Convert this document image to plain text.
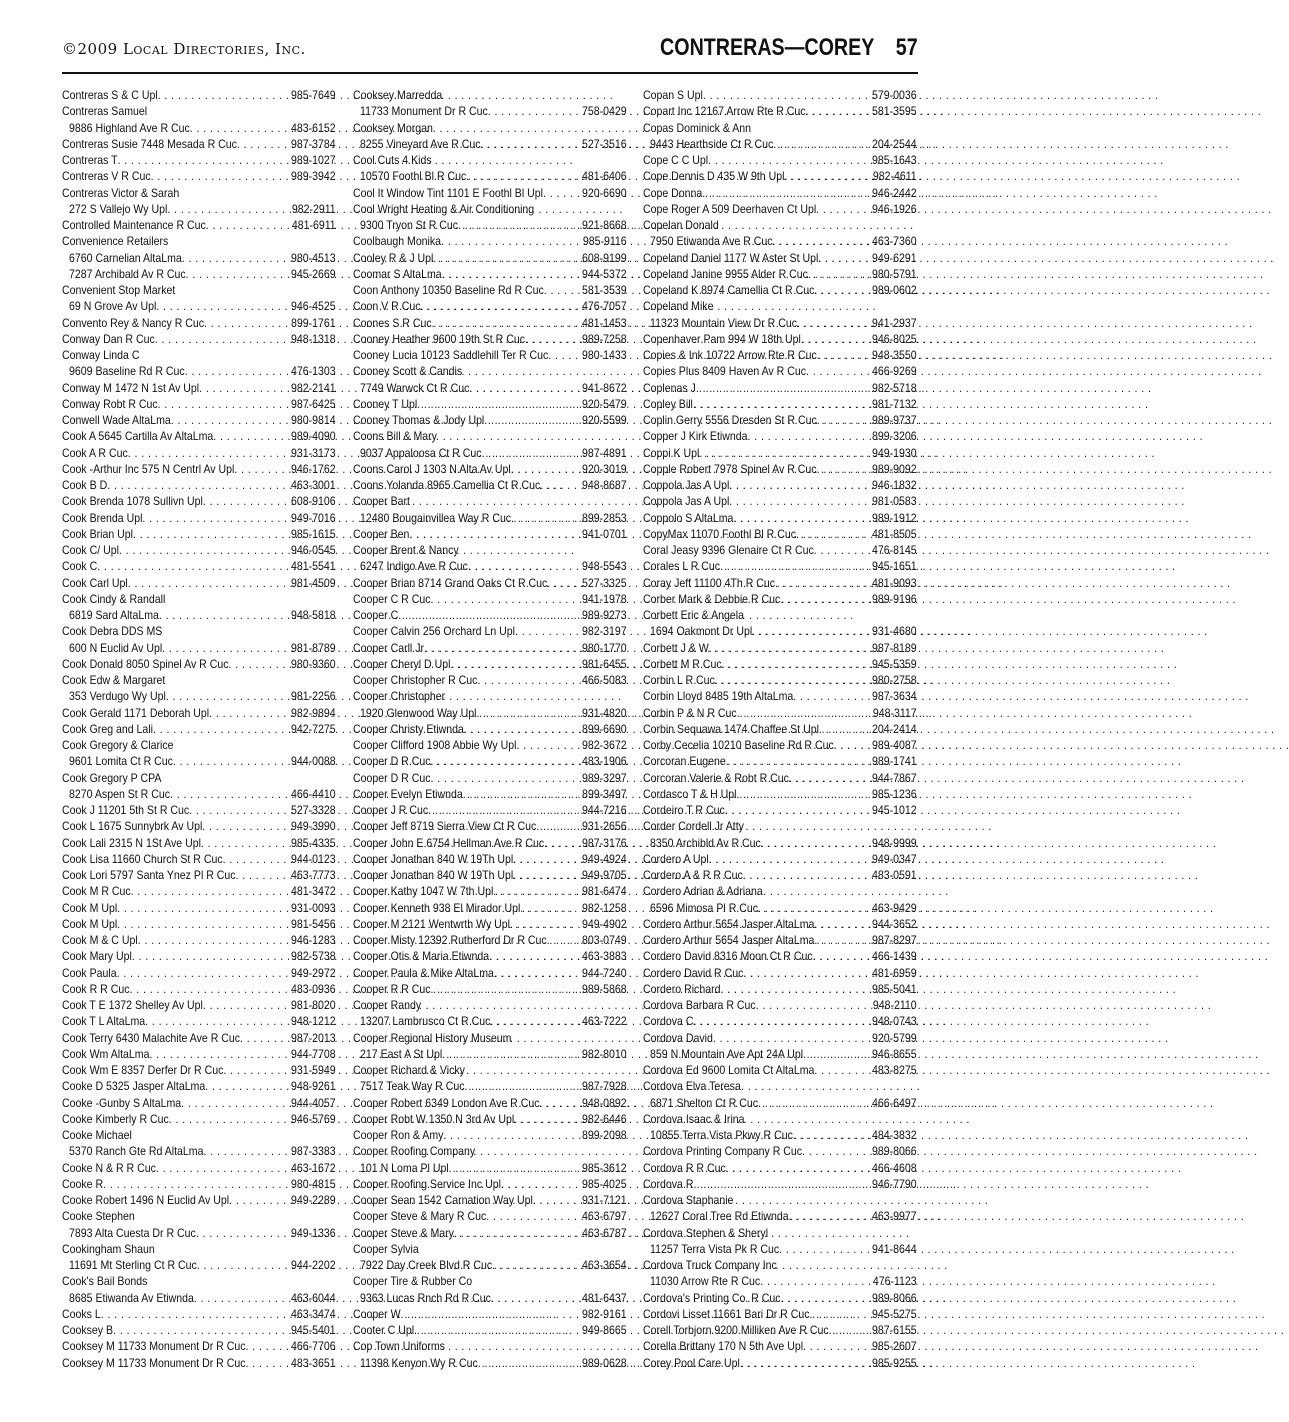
©2009 Local Directories, Inc.	CONTRERAS—COREY 57
Contreras S & C Upl . . .	985-7649
Contreras Samuel
9886 Highland Ave R Cuc . . .	483-6152
Contreras Susie 7448 Mesada R Cuc . . .	987-3784
Contreras T . . .	989-1027
Contreras V R Cuc . . .	989-3942
Contreras Victor & Sarah
272 S Vallejo Wy Upl . . .	982-2911
Controlled Maintenance R Cuc . . .	481-6911
Convenience Retailers
6760 Carnelian AltaLma . . .	980-4513
7287 Archibald Av R Cuc . . .	945-2669
Convenient Stop Market
69 N Grove Av Upl . . .	946-4525
Convento Rey & Nancy R Cuc . . .	899-1761
Conway Dan R Cuc . . .	948-1318
Conway Linda C
9609 Baseline Rd R Cuc . . .	476-1303
Conway M 1472 N 1st Av Upl . . .	982-2141
Conway Robt R Cuc . . .	987-6425
Conwell Wade AltaLma . . .	980-9814
Cook A 5645 Cartilla Av AltaLma . . .	989-4090
Cook A R Cuc . . .	931-3173
Cook -Arthur Inc 575 N Centrl Av Upl . . .	946-1762
Cook B D . . .	463-3001
Cook Brenda 1078 Sullivn Upl . . .	608-9106
Cook Brenda Upl . . .	949-7016
Cook Brian Upl . . .	985-1615
Cook C/ Upl . . .	946-0545
Cook C . . .	481-5541
Cook Carl Upl . . .	981-4509
Cook Cindy & Randall
6819 Sard AltaLma . . .	948-5818
Cook Debra DDS MS
600 N Euclid Av Upl . . .	981-8789
Cook Donald 8050 Spinel Av R Cuc . . .	980-9360
Cook Edw & Margaret
353 Verdugo Wy Upl . . .	981-2256
Cook Gerald 1171 Deborah Upl . . .	982-9894
Cook Greg and Lali . . .	942-7275
Cook Gregory & Clarice
9601 Lomita Ct R Cuc . . .	944-0088
Cook Gregory P CPA
8270 Aspen St R Cuc . . .	466-4410
Cook J 11201 5th St R Cuc . . .	527-3328
Cook L 1675 Sunnybrk Av Upl . . .	949-3990
Cook Lali 2315 N 1St Ave Upl . . .	985-4335
Cook Lisa 11660 Church St R Cuc . . .	944-0123
Cook Lori 5797 Santa Ynez Pl R Cuc . . .	463-7773
Cook M R Cuc . . .	481-3472
Cook M Upl . . .	931-0093
Cook M Upl . . .	981-5456
Cook M & C Upl . . .	946-1283
Cook Mary Upl . . .	982-5738
Cook Paula . . .	949-2972
Cook R R Cuc . . .	483-0936
Cook T E 1372 Shelley Av Upl . . .	981-8020
Cook T L AltaLma . . .	948-1212
Cook Terry 6430 Malachite Ave R Cuc . . .	987-2013
Cook Wm AltaLma . . .	944-7708
Cook Wm E 8357 Derfer Dr R Cuc . . .	931-5949
Cooke D 5325 Jasper AltaLma . . .	948-9261
Cooke -Gunby S AltaLma . . .	944-4057
Cooke Kimberly R Cuc . . .	946-5769
Cooke Michael
5370 Ranch Gte Rd AltaLma . . .	987-3383
Cooke N & R R Cuc . . .	463-1672
Cooke R . . .	980-4815
Cooke Robert 1496 N Euclid Av Upl . . .	949-2289
Cooke Stephen
7893 Alta Cuesta Dr R Cuc . . .	949-1336
Cookingham Shaun
11691 Mt Sterling Ct R Cuc . . .	944-2202
Cook's Bail Bonds
8685 Etiwanda Av Etiwnda . . .	463-6044
Cooks L . . .	463-3474
Cooksey B . . .	945-5401
Cooksey M 11733 Monument Dr R Cuc . . .	466-7706
Cooksey M 11733 Monument Dr R Cuc . . .	483-3651
Cooksey Marredda
11733 Monument Dr R Cuc . . .	758-0429
Cooksey Morgan
8255 Vineyard Ave R Cuc . . .	527-3516
Cool Cuts 4 Kids
10570 Foothl Bl R Cuc . . .	481-6406
Cool It Window Tint 1101 E Foothl Bl Upl . . .	920-6690
Cool Wright Heating & Air Conditioning
9300 Tryon St R Cuc . . .	921-8668
Coolbaugh Monika . . .	985-9116
Cooley R & J Upl . . .	608-9199
Coomar S AltaLma . . .	944-5372
Coon Anthony 10350 Baseline Rd R Cuc . . .	581-3539
Coon V R Cuc . . .	476-7057
Coones S R Cuc . . .	481-1453
Cooney Heather 9600 19th St R Cuc . . .	989-7258
Cooney Lucia 10123 Saddlehill Ter R Cuc . . .	980-1433
Cooney Scott & Candis
7749 Warwck Ct R Cuc . . .	941-8672
Cooney T Upl . . .	920-5479
Cooney Thomas & Jody Upl . . .	920-5599
Coons Bill & Mary
9037 Appaloosa Ct R Cuc . . .	987-4891
Coons Carol J 1303 N Alta Av Upl . . .	920-3019
Coons Yolanda 8965 Camellia Ct R Cuc . . .	948-8687
Cooper Bart
12480 Bougainvillea Way R Cuc . . .	899-2853
Cooper Ben . . .	941-0701
Cooper Brent & Nancy
6247 Indigo Ave R Cuc . . .	948-5543
Cooper Brian 8714 Grand Oaks Ct R Cuc . . .	527-3325
Cooper C R Cuc . . .	941-1978
Cooper C . . .	989-9273
Cooper Calvin 256 Orchard Ln Upl . . .	982-3197
Cooper Carll Jr . . .	980-1770
Cooper Cheryl D Upl . . .	981-6455
Cooper Christopher R Cuc . . .	466-5083
Cooper Christopher
1920 Glenwood Way Upl . . .	931-4820
Cooper Christy Etiwnda . . .	899-6690
Cooper Clifford 1908 Abbie Wy Upl . . .	982-3672
Cooper D R Cuc . . .	483-1906
Cooper D R Cuc . . .	989-3297
Cooper Evelyn Etiwnda . . .	899-3497
Cooper J R Cuc . . .	944-7216
Cooper Jeff 8719 Sierra View Ct R Cuc . . .	931-2656
Cooper John E 6754 Hellman Ave R Cuc . . .	987-3176
Cooper Jonathan 840 W 19Th Upl . . .	949-4924
Cooper Jonathan 840 W 19Th Upl . . .	949-9705
Cooper Kathy 1047 W 7th Upl . . .	981-6474
Cooper Kenneth 938 El Mirador Upl . . .	982-1258
Cooper M 2121 Wentwrth Wy Upl . . .	949-4902
Cooper Misty 12392 Rutherford Dr R Cuc . . .	803-0749
Cooper Otis & Maria Etiwnda . . .	463-3883
Cooper Paula & Mike AltaLma . . .	944-7240
Cooper R R Cuc . . .	989-5868
Cooper Randy
13207 Lambrusco Ct R Cuc . . .	463-7222
Cooper Regional History Museum
217 East A St Upl . . .	982-8010
Cooper Richard & Vicky
7517 Teak Way R Cuc . . .	987-7928
Cooper Robert 6349 London Ave R Cuc . . .	948-0892
Cooper Robt W 1350 N 3rd Av Upl . . .	982-6446
Cooper Ron & Amy . . .	899-2098
Cooper Roofing Company
101 N Loma Pl Upl . . .	985-3612
Cooper Roofing Service Inc Upl . . .	985-4025
Cooper Sean 1542 Carnation Way Upl . . .	931-7121
Cooper Steve & Mary R Cuc . . .	463-6797
Cooper Steve & Mary . . .	463-6787
Cooper Sylvia
7922 Day Creek Blvd R Cuc . . .	463-3654
Cooper Tire & Rubber Co
9363 Lucas Rnch Rd R Cuc . . .	481-6437
Cooper W . . .	982-9161
Cooter C Upl . . .	949-8665
Cop Town Uniforms
11398 Kenyon Wy R Cuc . . .	989-0628
Copan S Upl . . .	579-0036
Copart Inc 12167 Arrow Rte R Cuc . . .	581-3595
Copas Dominick & Ann
9443 Hearthside Ct R Cuc . . .	204-2544
Cope C C Upl . . .	985-1643
Cope Dennis D 435 W 9th Upl . . .	982-4611
Cope Donna . . .	946-2442
Cope Roger A 509 Deerhaven Ct Upl . . .	946-1926
Copelan Donald
7950 Etiwanda Ave R Cuc . . .	463-7360
Copeland Daniel 1177 W Aster St Upl . . .	949-6291
Copeland Janine 9955 Alder R Cuc . . .	980-5791
Copeland K 8974 Camellia Ct R Cuc . . .	989-0602
Copeland Mike
11323 Mountain View Dr R Cuc . . .	941-2937
Copenhaver Pam 994 W 18th Upl . . .	946-8025
Copies & Ink 10722 Arrow Rte R Cuc . . .	948-3550
Copies Plus 8409 Haven Av R Cuc . . .	466-9269
Coplenas J . . .	982-5718
Copley Bill . . .	981-7132
Coplin Gerry 5556 Dresden St R Cuc . . .	989-9737
Copper J Kirk Etiwnda . . .	899-3206
Coppi K Upl . . .	949-1930
Copple Robert 7978 Spinel Av R Cuc . . .	989-9092
Coppola Jas A Upl . . .	946-1832
Coppola Jas A Upl . . .	981-0583
Coppolo S AltaLma . . .	989-1912
CopyMax 11070 Foothl Bl R Cuc . . .	481-8505
Coral Jeasy 9396 Glenaire Ct R Cuc . . .	476-8145
Corales L R Cuc . . .	945-1651
Coray Jeff 11100 4Th R Cuc . . .	481-9093
Corber Mark & Debbie R Cuc . . .	989-9196
Corbett Eric & Angela
1694 Oakmont Dr Upl . . .	931-4680
Corbett J & W . . .	987-8189
Corbett M R Cuc . . .	945-5359
Corbin L R Cuc . . .	980-2758
Corbin Lloyd 8485 19th AltaLma . . .	987-3634
Corbin P & N R Cuc . . .	948-3117
Corbin Sequawa 1474 Chaffee St Upl . . .	204-2414
Corby Cecelia 10210 Baseline Rd R Cuc . . .	989-4087
Corcoran Eugene . . .	989-1741
Corcoran Valerie & Robt R Cuc . . .	944-7867
Cordasco T & H Upl . . .	985-1236
Cordeiro T R Cuc . . .	945-1012
Corder Cordell Jr Atty
8350 Archibld Av R Cuc . . .	948-9999
Cordero A Upl . . .	949-0347
Cordero A & R R Cuc . . .	483-0591
Cordero Adrian & Adriana
6596 Mimosa Pl R Cuc . . .	463-9429
Cordero Arthur 5654 Jasper AltaLma . . .	944-3652
Cordero Arthur 5654 Jasper AltaLma . . .	987-8297
Cordero David 8316 Moon Ct R Cuc . . .	466-1439
Cordero David R Cuc . . .	481-6959
Cordero Richard . . .	985-5041
Cordova Barbara R Cuc . . .	948-2110
Cordova C . . .	948-0743
Cordova David . . .	920-5799
859 N Mountain Ave Apt 24A Upl . . .	946-8655
Cordova Ed 9600 Lomita Ct AltaLma . . .	483-8275
Cordova Elva Teresa
6871 Shelton Ct R Cuc . . .	466-6497
Cordova Isaac & Irina
10855 Terra Vista Pkwy R Cuc . . .	484-3832
Cordova Printing Company R Cuc . . .	989-8066
Cordova R R Cuc . . .	466-4608
Cordova R . . .	946-7790
Cordova Staphanie
12627 Coral Tree Rd Etiwnda . . .	463-9977
Cordova Stephen & Sheryl
11257 Terra Vista Pk R Cuc . . .	941-8644
Cordova Truck Company Inc
11030 Arrow Rte R Cuc . . .	476-1123
Cordova's Printing Co. R Cuc . . .	989-8066
Cordovi Lisset 11661 Bari Dr R Cuc . . .	945-5275
Corell Torbjorn 9200 Milliken Ave R Cuc . . .	987-6155
Corella Brittany 170 N 5th Ave Upl . . .	985-2607
Corey Pool Care Upl . . .	985-9255
